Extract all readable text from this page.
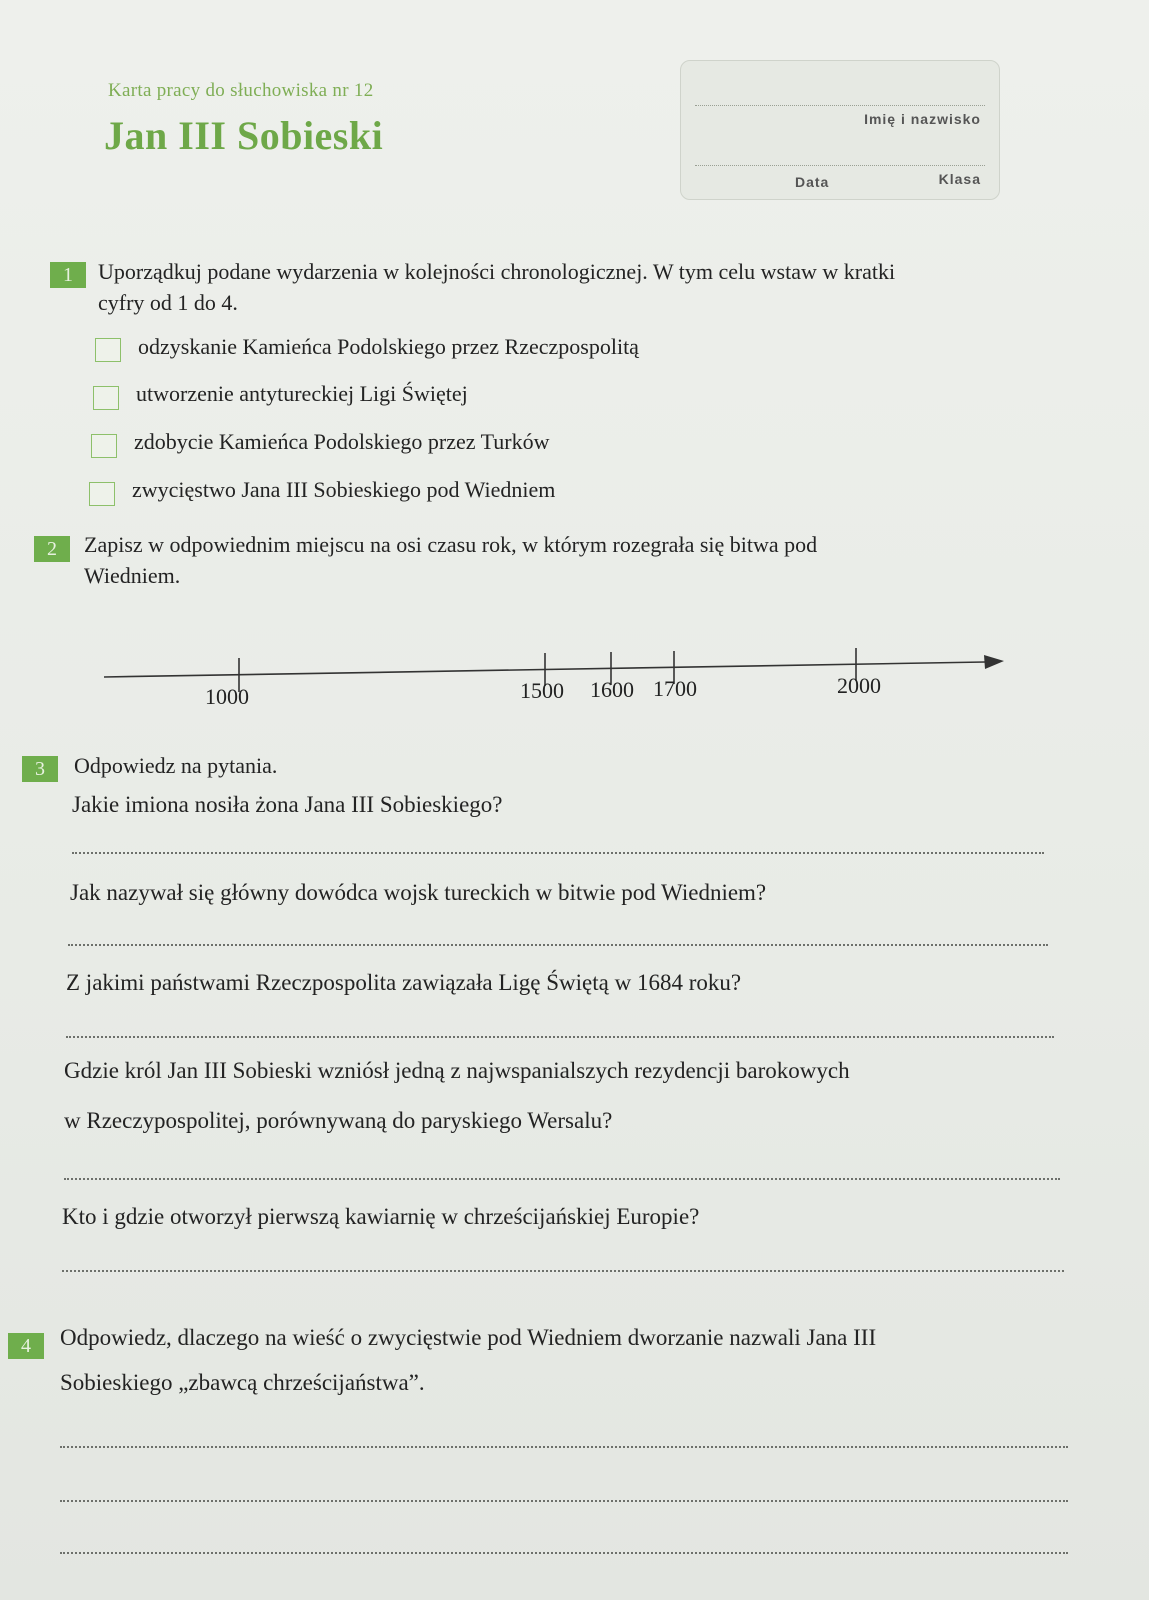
Karta pracy do słuchowiska nr 12
Jan III Sobieski	Imię i nazwisko
Data	Klasa
1	Uporządkuj podane wydarzenia w kolejności chronologicznej. W tym celu wstaw w kratki
cyfry od 1 do 4.
odzyskanie Kamieńca Podolskiego przez Rzeczpospolitą
utworzenie antytureckiej Ligi Świętej
zdobycie Kamieńca Podolskiego przez Turków
zwycięstwo Jana III Sobieskiego pod Wiedniem
2	Zapisz w odpowiednim miejscu na osi czasu rok, w którym rozegrała się bitwa pod
Wiedniem.
1000	1500 1600 1700	2000
3	Odpowiedz na pytania.
Jakie imiona nosiła żona Jana III Sobieskiego?
Jak nazywał się główny dowódca wojsk tureckich w bitwie pod Wiedniem?
Z jakimi państwami Rzeczpospolita zawiązała Ligę Świętą w 1684 roku?
Gdzie król Jan III Sobieski wzniósł jedną z najwspanialszych rezydencji barokowych
w Rzeczypospolitej, porównywaną do paryskiego Wersalu?
Kto i gdzie otworzył pierwszą kawiarnię w chrześcijańskiej Europie?
4	Odpowiedz, dlaczego na wieść o zwycięstwie pod Wiedniem dworzanie nazwali Jana III
Sobieskiego „zbawcą chrześcijaństwa”.
